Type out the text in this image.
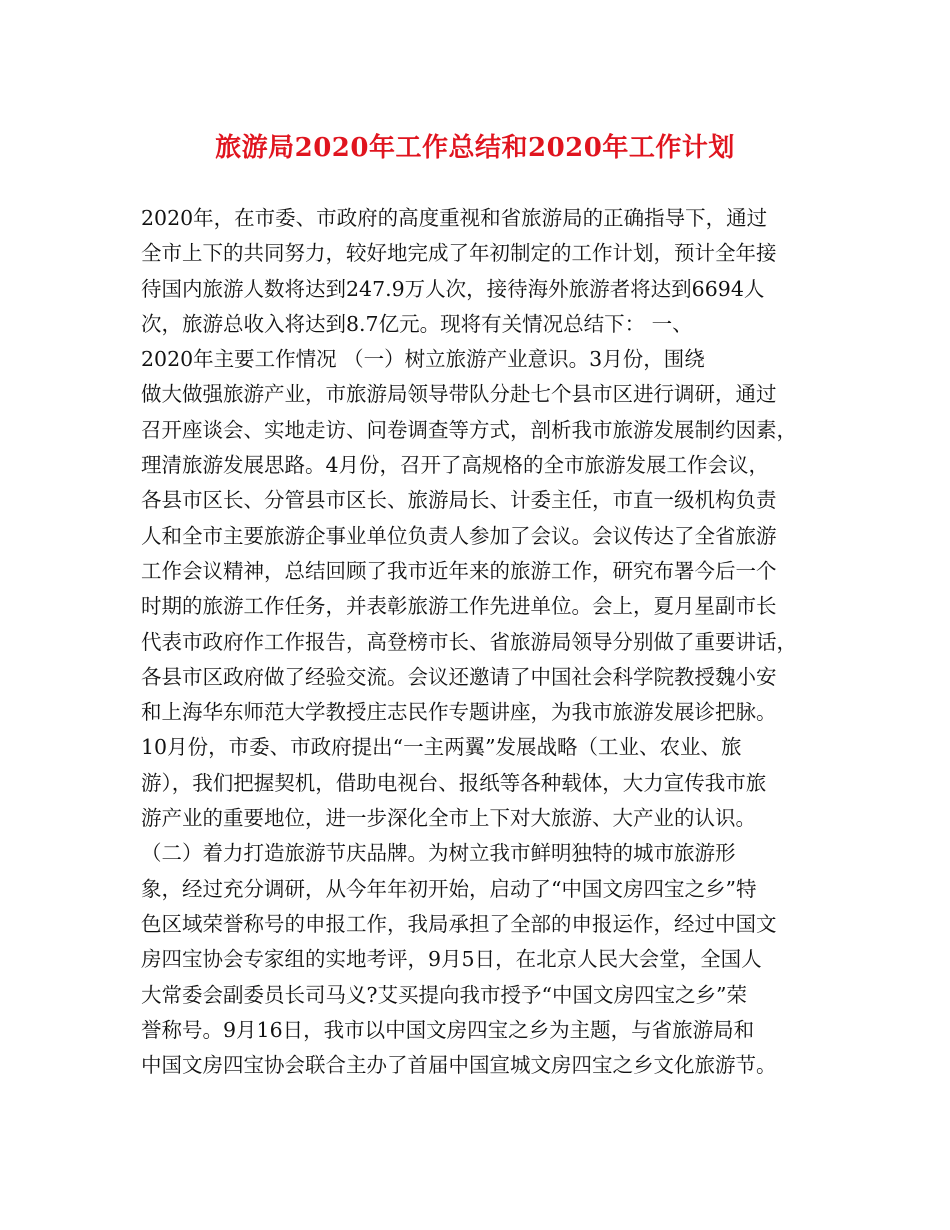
旅游局2020年工作总结和2020年工作计划
2020年，在市委、市政府的高度重视和省旅游局的正确指导下，通过
全市上下的共同努力，较好地完成了年初制定的工作计划，预计全年接
待国内旅游人数将达到247.9万人次，接待海外旅游者将达到6694人
次，旅游总收入将达到8.7亿元。现将有关情况总结下： 一、
2020年主要工作情况 （一）树立旅游产业意识。3月份，围绕
做大做强旅游产业，市旅游局领导带队分赴七个县市区进行调研，通过
召开座谈会、实地走访、问卷调查等方式，剖析我市旅游发展制约因素，
理清旅游发展思路。4月份，召开了高规格的全市旅游发展工作会议，
各县市区长、分管县市区长、旅游局长、计委主任，市直一级机构负责
人和全市主要旅游企事业单位负责人参加了会议。会议传达了全省旅游
工作会议精神，总结回顾了我市近年来的旅游工作，研究布署今后一个
时期的旅游工作任务，并表彰旅游工作先进单位。会上，夏月星副市长
代表市政府作工作报告，高登榜市长、省旅游局领导分别做了重要讲话，
各县市区政府做了经验交流。会议还邀请了中国社会科学院教授魏小安
和上海华东师范大学教授庄志民作专题讲座，为我市旅游发展诊把脉。
10月份，市委、市政府提出“一主两翼”发展战略（工业、农业、旅
游），我们把握契机，借助电视台、报纸等各种载体，大力宣传我市旅
游产业的重要地位，进一步深化全市上下对大旅游、大产业的认识。
（二）着力打造旅游节庆品牌。为树立我市鲜明独特的城市旅游形
象，经过充分调研，从今年年初开始，启动了“中国文房四宝之乡”特
色区域荣誉称号的申报工作，我局承担了全部的申报运作，经过中国文
房四宝协会专家组的实地考评，9月5日，在北京人民大会堂，全国人
大常委会副委员长司马义?艾买提向我市授予“中国文房四宝之乡”荣
誉称号。9月16日，我市以中国文房四宝之乡为主题，与省旅游局和
中国文房四宝协会联合主办了首届中国宣城文房四宝之乡文化旅游节。
